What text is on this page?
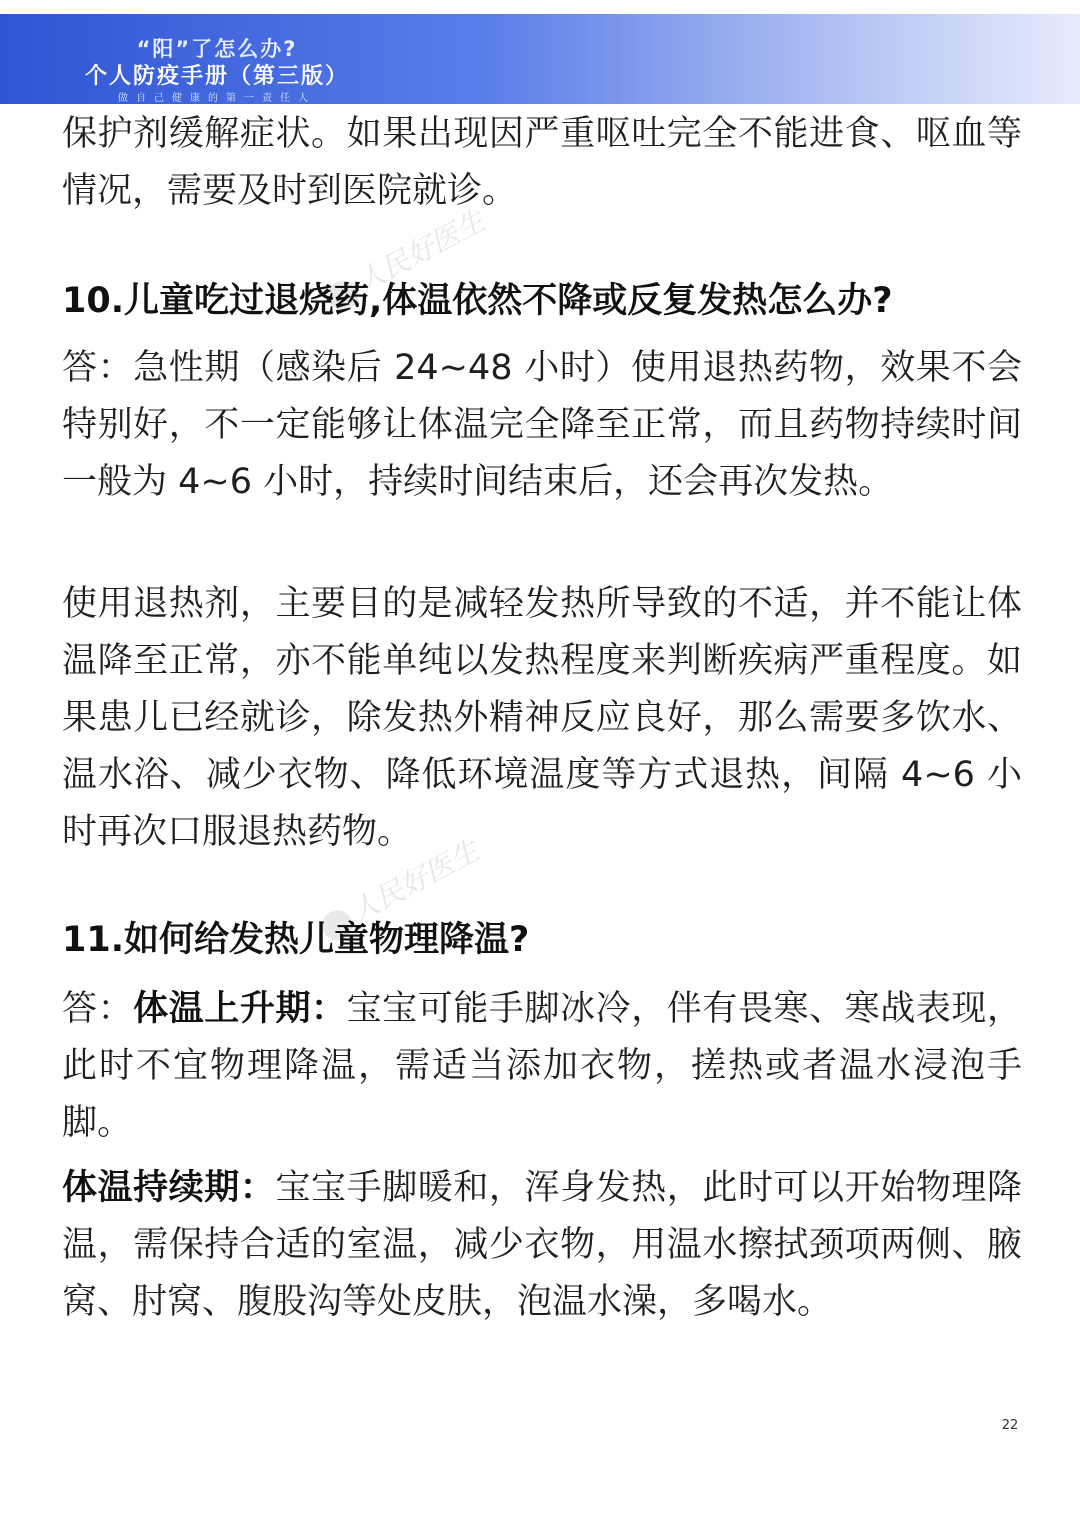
“阳”了怎么办?
个人防疫手册（第三版）
做自己健康的第一责任人
人民好医生
人民好医生

保护剂缓解症状。如果出现因严重呕吐完全不能进食、呕血等情况，需要及时到医院就诊。

10.儿童吃过退烧药,体温依然不降或反复发热怎么办?

答：急性期（感染后 24~48 小时）使用退热药物，效果不会特别好，不一定能够让体温完全降至正常，而且药物持续时间一般为 4~6 小时，持续时间结束后，还会再次发热。

使用退热剂，主要目的是减轻发热所导致的不适，并不能让体温降至正常，亦不能单纯以发热程度来判断疾病严重程度。如果患儿已经就诊，除发热外精神反应良好，那么需要多饮水、温水浴、减少衣物、降低环境温度等方式退热，间隔 4~6 小时再次口服退热药物。

11.如何给发热儿童物理降温?

答：体温上升期：宝宝可能手脚冰冷，伴有畏寒、寒战表现，此时不宜物理降温，需适当添加衣物，搓热或者温水浸泡手脚。

体温持续期：宝宝手脚暖和，浑身发热，此时可以开始物理降温，需保持合适的室温，减少衣物，用温水擦拭颈项两侧、腋窝、肘窝、腹股沟等处皮肤，泡温水澡，多喝水。

22
